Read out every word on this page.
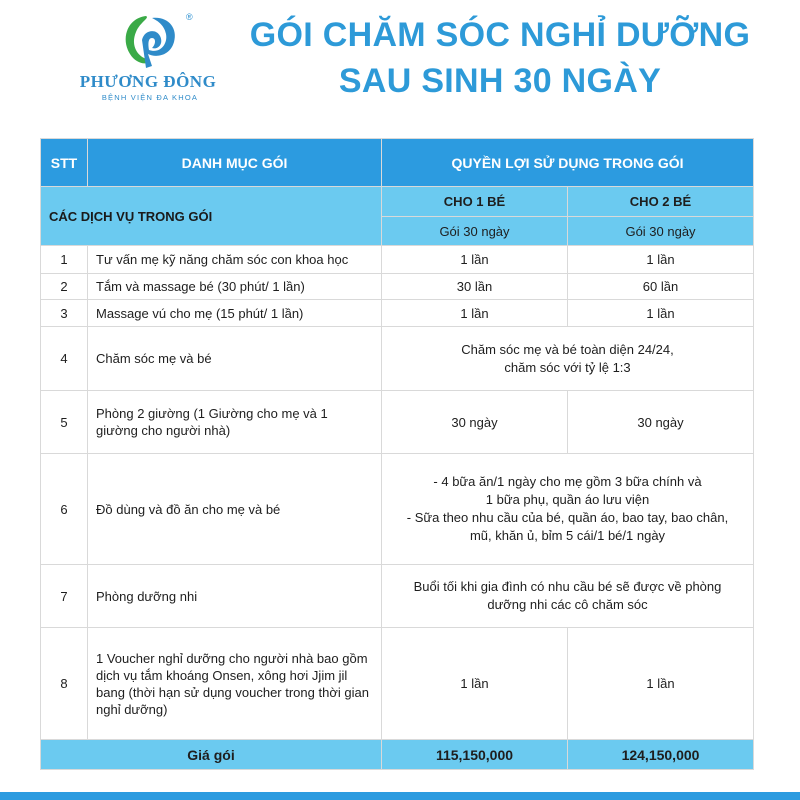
®
PHƯƠNG ĐÔNG
BỆNH VIỆN ĐA KHOA
GÓI CHĂM SÓC NGHỈ DƯỠNG
SAU SINH 30 NGÀY
STT	DANH MỤC GÓI	QUYỀN LỢI SỬ DỤNG TRONG GÓI	
CÁC DỊCH VỤ TRONG GÓI		CHO 1 BÉ	CHO 2 BÉ
		Gói 30 ngày	Gói 30 ngày
1	Tư vấn mẹ kỹ năng chăm sóc con khoa học	1 lần	1 lần
2	Tắm và massage bé (30 phút/ 1 lần)	30 lần	60 lần
3	Massage vú cho mẹ (15 phút/ 1 lần)	1 lần	1 lần
4	Chăm sóc mẹ và bé	Chăm sóc mẹ và bé toàn diện 24/24,
chăm sóc với tỷ lệ 1:3	

5	Phòng 2 giường (1 Giường cho mẹ và 1 giường cho người nhà)	30 ngày	30 ngày
6	Đồ dùng và đồ ăn cho mẹ và bé	- 4 bữa ăn/1 ngày cho mẹ gồm 3 bữa chính và
1 bữa phụ, quần áo lưu viện
- Sữa theo nhu cầu của bé, quần áo, bao tay, bao chân,
mũ, khăn ủ, bỉm 5 cái/1 bé/1 ngày	

7	Phòng dưỡng nhi	Buổi tối khi gia đình có nhu cầu bé sẽ được về phòng
dưỡng nhi các cô chăm sóc	

8	1 Voucher nghỉ dưỡng cho người nhà bao gồm dịch vụ tắm khoáng Onsen, xông hơi Jjim jil bang (thời hạn sử dụng voucher trong thời gian nghỉ dưỡng)	1 lần	1 lần
Giá gói		115,150,000	124,150,000
